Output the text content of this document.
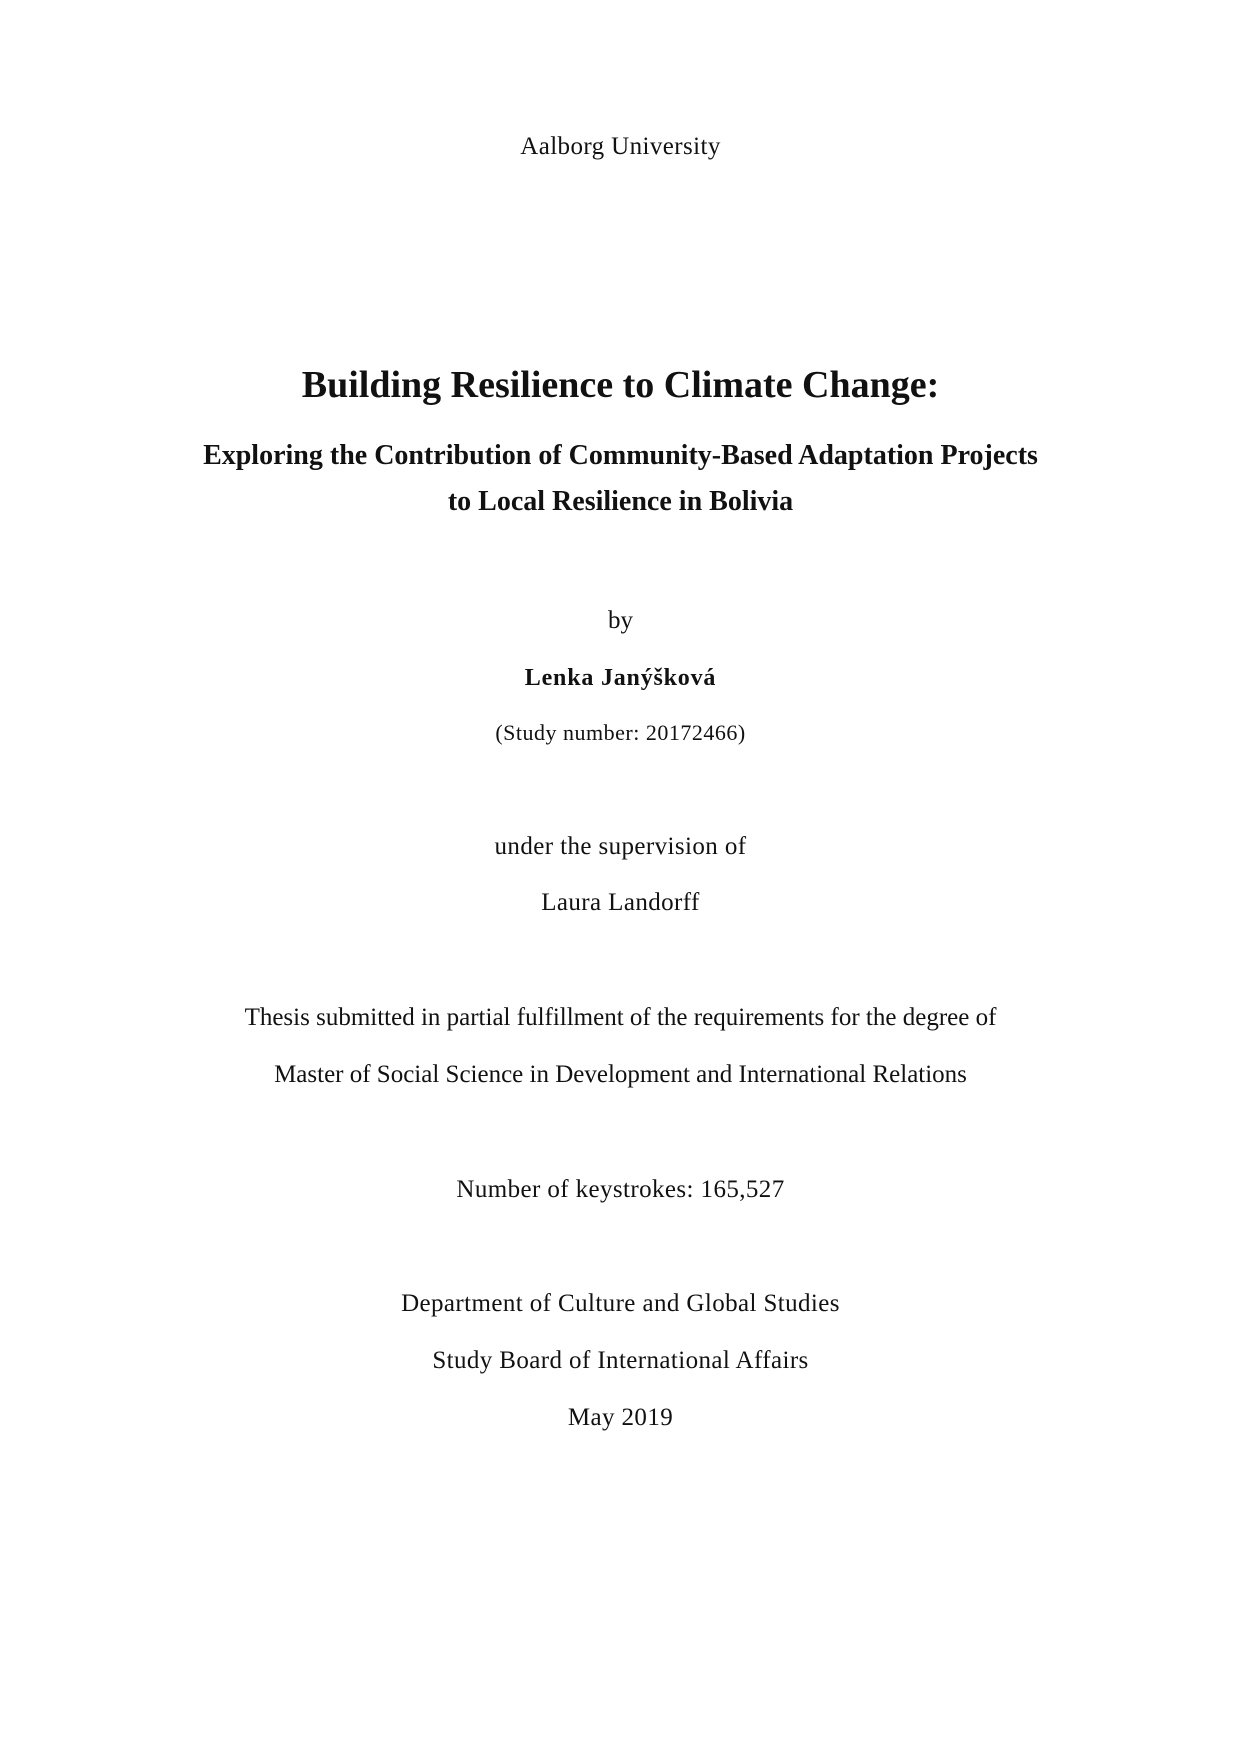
Aalborg University
Building Resilience to Climate Change:
Exploring the Contribution of Community-Based Adaptation Projects
to Local Resilience in Bolivia
by
Lenka Janýšková
(Study number: 20172466)
under the supervision of
Laura Landorff
Thesis submitted in partial fulfillment of the requirements for the degree of
Master of Social Science in Development and International Relations
Number of keystrokes: 165,527
Department of Culture and Global Studies
Study Board of International Affairs
May 2019
